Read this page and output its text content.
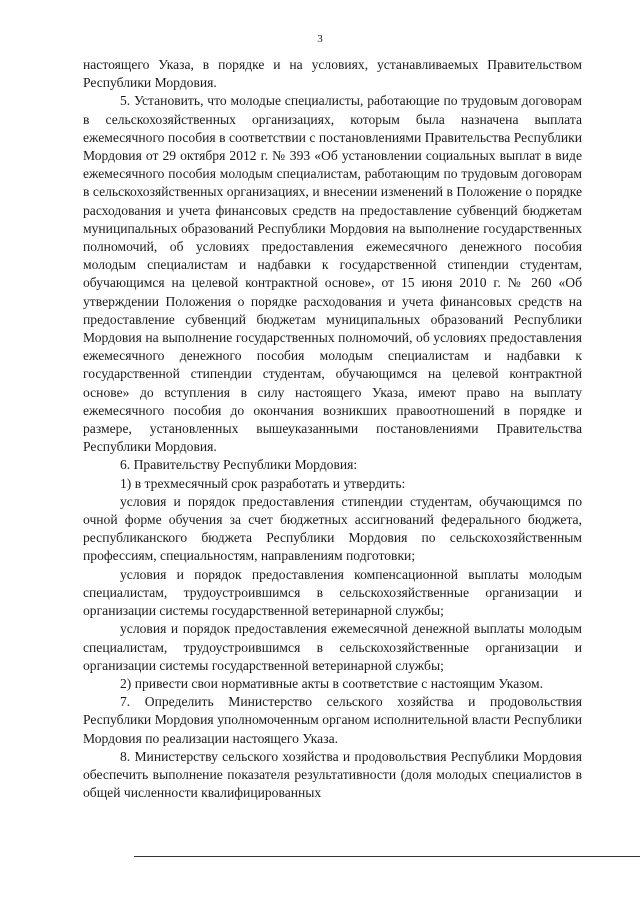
3

настоящего Указа, в порядке и на условиях, устанавливаемых Правительством Республики Мордовия.

5. Установить, что молодые специалисты, работающие по трудовым договорам в сельскохозяйственных организациях, которым была назначена выплата ежемесячного пособия в соответствии с постановлениями Правительства Республики Мордовия от 29 октября 2012 г. № 393 «Об установлении социальных выплат в виде ежемесячного пособия молодым специалистам, работающим по трудовым договорам в сельскохозяйственных организациях, и внесении изменений в Положение о порядке расходования и учета финансовых средств на предоставление субвенций бюджетам муниципальных образований Республики Мордовия на выполнение государственных полномочий, об условиях предоставления ежемесячного денежного пособия молодым специалистам и надбавки к государственной стипендии студентам, обучающимся на целевой контрактной основе», от 15 июня 2010 г. № 260 «Об утверждении Положения о порядке расходования и учета финансовых средств на предоставление субвенций бюджетам муниципальных образований Республики Мордовия на выполнение государственных полномочий, об условиях предоставления ежемесячного денежного пособия молодым специалистам и надбавки к государственной стипендии студентам, обучающимся на целевой контрактной основе» до вступления в силу настоящего Указа, имеют право на выплату ежемесячного пособия до окончания возникших правоотношений в порядке и размере, установленных вышеуказанными постановлениями Правительства Республики Мордовия.

6. Правительству Республики Мордовия:

1) в трехмесячный срок разработать и утвердить:

условия и порядок предоставления стипендии студентам, обучающимся по очной форме обучения за счет бюджетных ассигнований федерального бюджета, республиканского бюджета Республики Мордовия по сельскохозяйственным профессиям, специальностям, направлениям подготовки;

условия и порядок предоставления компенсационной выплаты молодым специалистам, трудоустроившимся в сельскохозяйственные организации и организации системы государственной ветеринарной службы;

условия и порядок предоставления ежемесячной денежной выплаты молодым специалистам, трудоустроившимся в сельскохозяйственные организации и организации системы государственной ветеринарной службы;

2) привести свои нормативные акты в соответствие с настоящим Указом.

7. Определить Министерство сельского хозяйства и продовольствия Республики Мордовия уполномоченным органом исполнительной власти Республики Мордовия по реализации настоящего Указа.

8. Министерству сельского хозяйства и продовольствия Республики Мордовия обеспечить выполнение показателя результативности (доля молодых специалистов в общей численности квалифицированных
